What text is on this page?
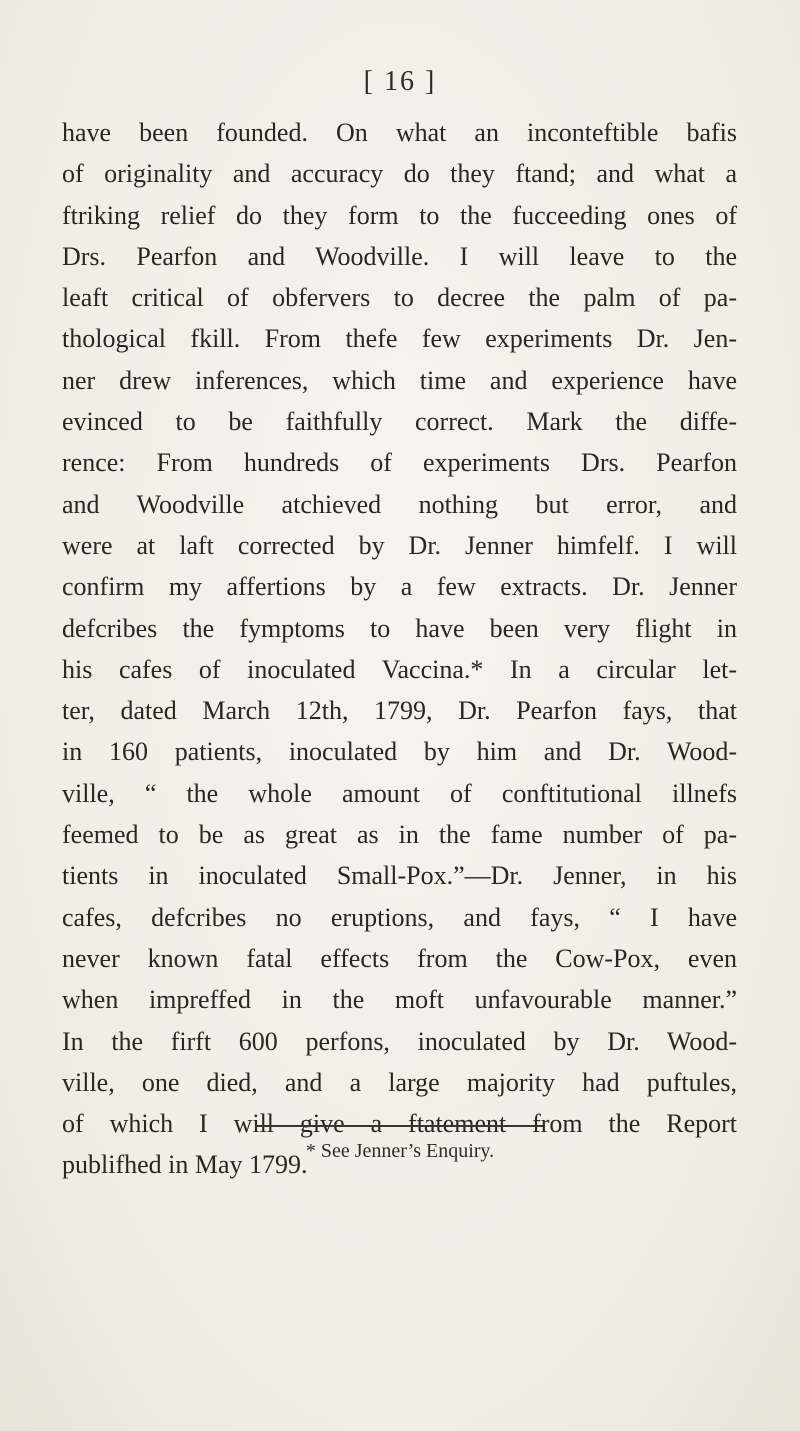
[ 16 ]
have been founded. On what an inconteftible bafis
of originality and accuracy do they ftand; and what a
ftriking relief do they form to the fucceeding ones of
Drs. Pearfon and Woodville. I will leave to the
leaft critical of obfervers to decree the palm of pa-
thological fkill. From thefe few experiments Dr. Jen-
ner drew inferences, which time and experience have
evinced to be faithfully correct. Mark the diffe-
rence: From hundreds of experiments Drs. Pearfon
and Woodville atchieved nothing but error, and
were at laft corrected by Dr. Jenner himfelf. I will
confirm my affertions by a few extracts. Dr. Jenner
defcribes the fymptoms to have been very flight in
his cafes of inoculated Vaccina.* In a circular let-
ter, dated March 12th, 1799, Dr. Pearfon fays, that
in 160 patients, inoculated by him and Dr. Wood-
ville, “ the whole amount of conftitutional illnefs
feemed to be as great as in the fame number of pa-
tients in inoculated Small-Pox.”—Dr. Jenner, in his
cafes, defcribes no eruptions, and fays, “ I have
never known fatal effects from the Cow-Pox, even
when impreffed in the moft unfavourable manner.”
In the firft 600 perfons, inoculated by Dr. Wood-
ville, one died, and a large majority had puftules,
of which I will give a ftatement from the Report
publifhed in May 1799.
* See Jenner’s Enquiry.
